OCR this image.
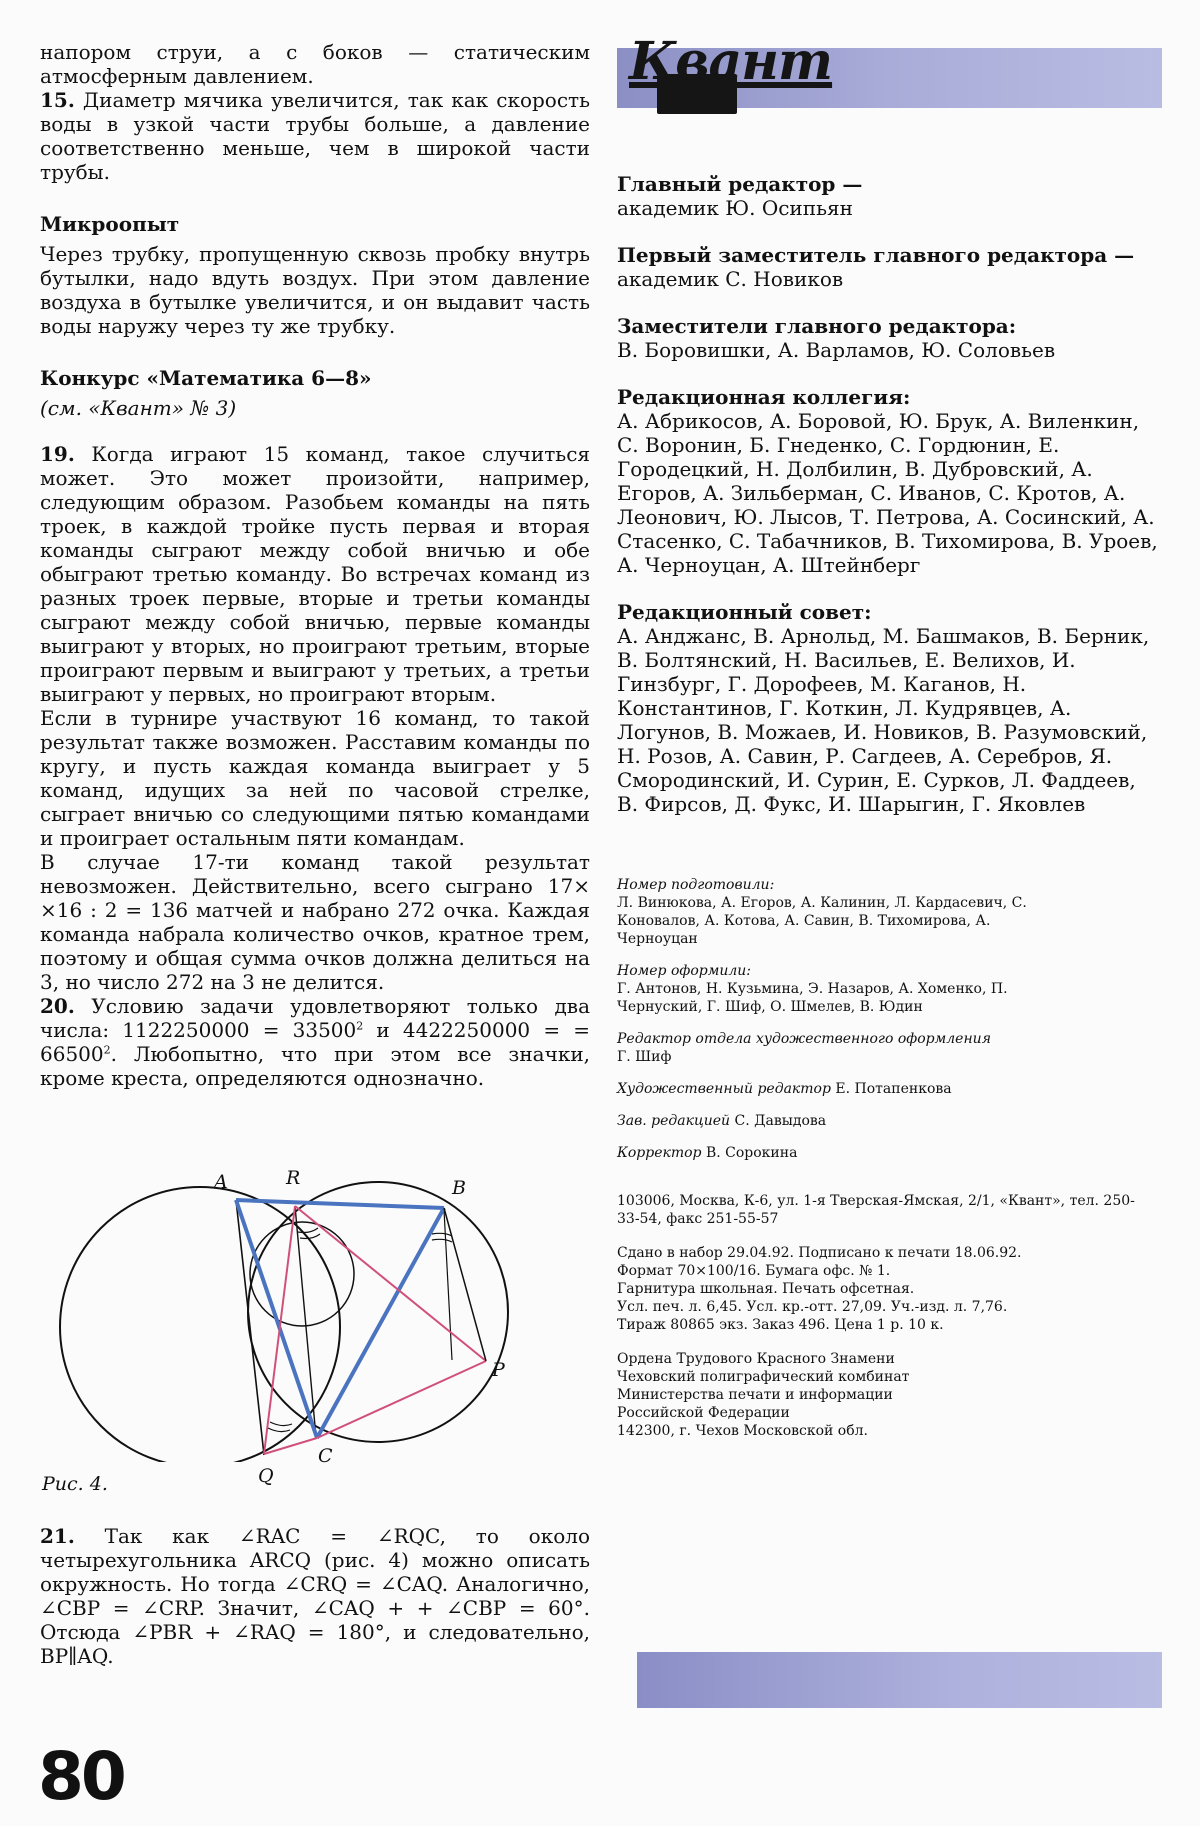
напором струи, а с боков — статическим атмосферным давлением.

15. Диаметр мячика увеличится, так как скорость воды в узкой части трубы больше, а давление соответственно меньше, чем в широкой части трубы.

Микроопыт

Через трубку, пропущенную сквозь пробку внутрь бутылки, надо вдуть воздух. При этом давление воздуха в бутылке увеличится, и он выдавит часть воды наружу через ту же трубку.

Конкурс «Математика 6—8»

(см. «Квант» № 3)

19. Когда играют 15 команд, такое случиться может. Это может произойти, например, следующим образом. Разобьем команды на пять троек, в каждой тройке пусть первая и вторая команды сыграют между собой вничью и обе обыграют третью команду. Во встречах команд из разных троек первые, вторые и третьи команды сыграют между собой вничью, первые команды выиграют у вторых, но проиграют третьим, вторые проиграют первым и выиграют у третьих, а третьи выиграют у первых, но проиграют вторым.

Если в турнире участвуют 16 команд, то такой результат также возможен. Расставим команды по кругу, и пусть каждая команда выиграет у 5 команд, идущих за ней по часовой стрелке, сыграет вничью со следующими пятью командами и проиграет остальным пяти командам.

В случае 17-ти команд такой результат невозможен. Действительно, всего сыграно 17× ×16 : 2 = 136 матчей и набрано 272 очка. Каждая команда набрала количество очков, кратное трем, поэтому и общая сумма очков должна делиться на 3, но число 272 на 3 не делится.

20. Условию задачи удовлетворяют только два числа: $1122250000 = 33500^2$ и 4422250000 = = $66500^2$. Любопытно, что при этом все значки, кроме креста, определяются однозначно.

A	R	B
P
C
Q
Рис. 4.

21. Так как ∠RAC = ∠RQC, то около четырехугольника ARCQ (рис. 4) можно описать окружность. Но тогда ∠CRQ = ∠CAQ. Аналогично, ∠CBP = ∠CRP. Значит, ∠CAQ + + ∠CBP = 60°. Отсюда ∠PBR + ∠RAQ = 180°, и следовательно, BP∥AQ.

80
Квант

Главный редактор —

академик Ю. Осипьян

Первый заместитель главного редактора —

академик С. Новиков

Заместители главного редактора:

В. Боровишки, А. Варламов, Ю. Соловьев

Редакционная коллегия:

А. Абрикосов, А. Боровой, Ю. Брук, А. Виленкин, С. Воронин, Б. Гнеденко, С. Гордюнин, Е. Городецкий, Н. Долбилин, В. Дубровский, А. Егоров, А. Зильберман, С. Иванов, С. Кротов, А. Леонович, Ю. Лысов, Т. Петрова, А. Сосинский, А. Стасенко, С. Табачников, В. Тихомирова, В. Уроев, А. Черноуцан, А. Штейнберг

Редакционный совет:

А. Анджанс, В. Арнольд, М. Башмаков, В. Берник, В. Болтянский, Н. Васильев, Е. Велихов, И. Гинзбург, Г. Дорофеев, М. Каганов, Н. Константинов, Г. Коткин, Л. Кудрявцев, А. Логунов, В. Можаев, И. Новиков, В. Разумовский, Н. Розов, А. Савин, Р. Сагдеев, А. Серебров, Я. Смородинский, И. Сурин, Е. Сурков, Л. Фаддеев, В. Фирсов, Д. Фукс, И. Шарыгин, Г. Яковлев

Номер подготовили:

Л. Винюкова, А. Егоров, А. Калинин, Л. Кардасевич, С. Коновалов, А. Котова, А. Савин, В. Тихомирова, А. Черноуцан

Номер оформили:

Г. Антонов, Н. Кузьмина, Э. Назаров, А. Хоменко, П. Чернуский, Г. Шиф, О. Шмелев, В. Юдин

Редактор отдела художественного оформления

Г. Шиф

Художественный редактор Е. Потапенкова

Зав. редакцией С. Давыдова

Корректор В. Сорокина

103006, Москва, К-6, ул. 1-я Тверская-Ямская, 2/1, «Квант», тел. 250-33-54, факс 251-55-57

Сдано в набор 29.04.92. Подписано к печати 18.06.92.

Формат 70×100/16. Бумага офс. № 1.

Гарнитура школьная. Печать офсетная.

Усл. печ. л. 6,45. Усл. кр.-отт. 27,09. Уч.-изд. л. 7,76.

Тираж 80865 экз. Заказ 496. Цена 1 р. 10 к.

Ордена Трудового Красного Знамени

Чеховский полиграфический комбинат

Министерства печати и информации

Российской Федерации

142300, г. Чехов Московской обл.
